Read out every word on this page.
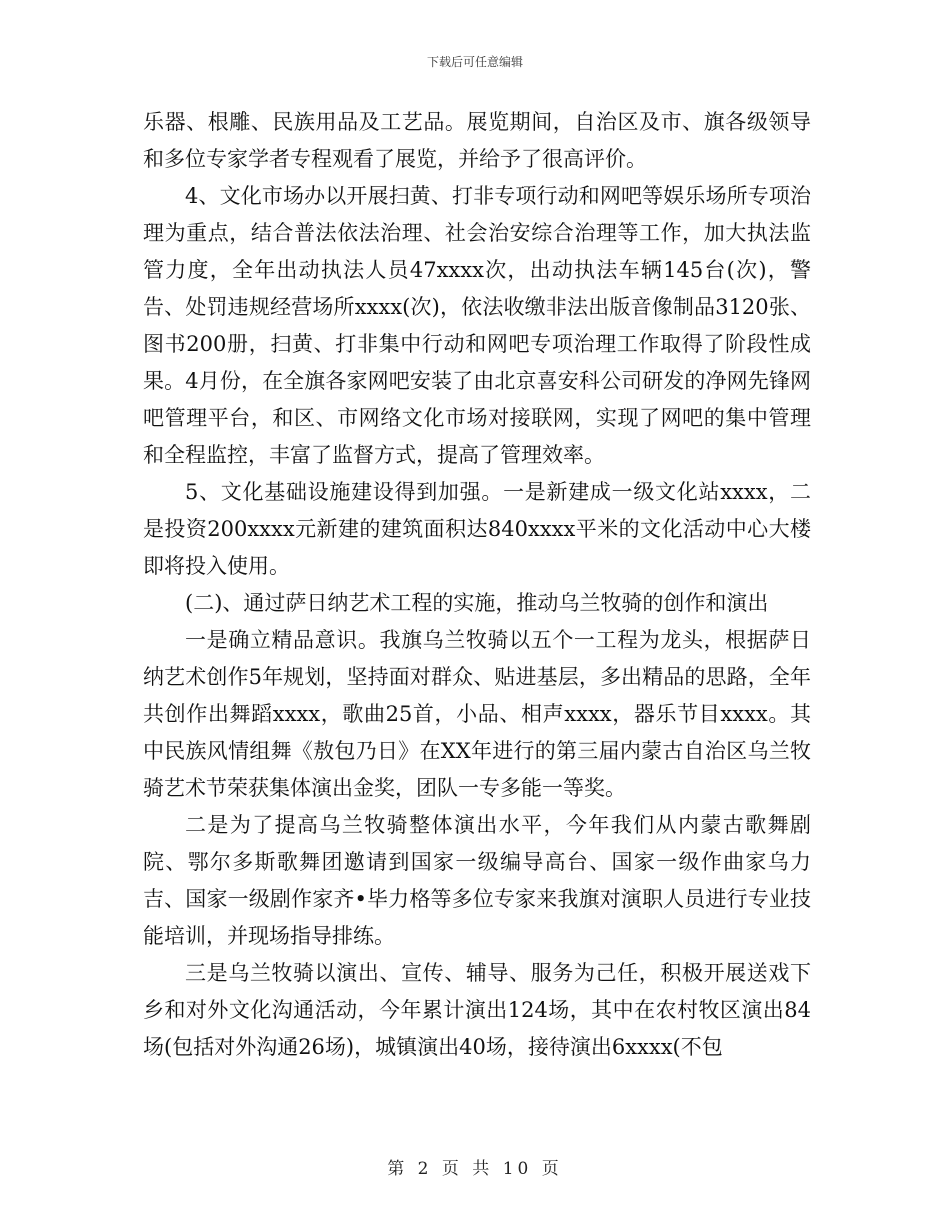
下载后可任意编辑

乐器、根雕、民族用品及工艺品。展览期间，自治区及市、旗各级领导和多位专家学者专程观看了展览，并给予了很高评价。

4、文化市场办以开展扫黄、打非专项行动和网吧等娱乐场所专项治理为重点，结合普法依法治理、社会治安综合治理等工作，加大执法监管力度，全年出动执法人员47xxxx次，出动执法车辆145台(次)，警告、处罚违规经营场所xxxx(次)，依法收缴非法出版音像制品3120张、图书200册，扫黄、打非集中行动和网吧专项治理工作取得了阶段性成果。4月份，在全旗各家网吧安装了由北京喜安科公司研发的净网先锋网吧管理平台，和区、市网络文化市场对接联网，实现了网吧的集中管理和全程监控，丰富了监督方式，提高了管理效率。

5、文化基础设施建设得到加强。一是新建成一级文化站xxxx，二是投资200xxxx元新建的建筑面积达840xxxx平米的文化活动中心大楼即将投入使用。

(二)、通过萨日纳艺术工程的实施，推动乌兰牧骑的创作和演出

一是确立精品意识。我旗乌兰牧骑以五个一工程为龙头，根据萨日纳艺术创作5年规划，坚持面对群众、贴进基层，多出精品的思路，全年共创作出舞蹈xxxx，歌曲25首，小品、相声xxxx，器乐节目xxxx。其中民族风情组舞《敖包乃日》在XX年进行的第三届内蒙古自治区乌兰牧骑艺术节荣获集体演出金奖，团队一专多能一等奖。

二是为了提高乌兰牧骑整体演出水平，今年我们从内蒙古歌舞剧院、鄂尔多斯歌舞团邀请到国家一级编导高台、国家一级作曲家乌力吉、国家一级剧作家齐•毕力格等多位专家来我旗对演职人员进行专业技能培训，并现场指导排练。

三是乌兰牧骑以演出、宣传、辅导、服务为己任，积极开展送戏下乡和对外文化沟通活动，今年累计演出124场，其中在农村牧区演出84场(包括对外沟通26场)，城镇演出40场，接待演出6xxxx(不包

第 2 页 共 10 页
